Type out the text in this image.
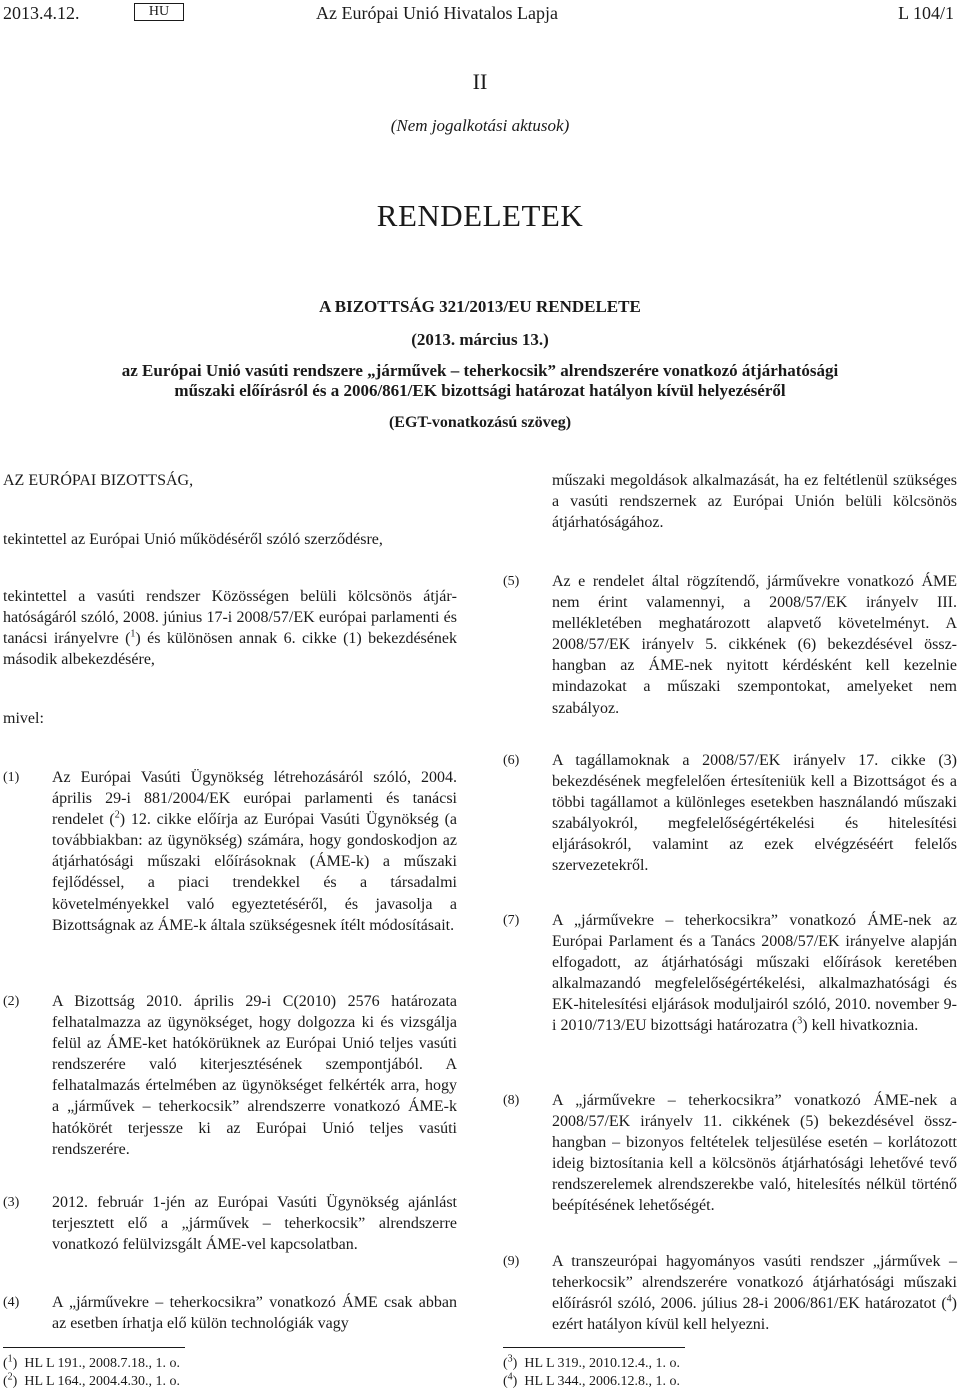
2013.4.12.	HU	Az Európai Unió Hivatalos Lapja	L 104/1
II
(Nem jogalkotási aktusok)
RENDELETEK
A BIZOTTSÁG 321/2013/EU RENDELETE
(2013. március 13.)
az Európai Unió vasúti rendszere „járművek – teherkocsik” alrendszerére vonatkozó átjárhatósági
műszaki előírásról és a 2006/861/EK bizottsági határozat hatályon kívül helyezéséről
(EGT-vonatkozású szöveg)
AZ EURÓPAI BIZOTTSÁG,
tekintettel az Európai Unió működéséről szóló szerződésre,
tekintettel a vasúti rendszer Közösségen belüli kölcsönös átjárhatóságáról szóló, 2008. június 17-i 2008/57/EK európai parlamenti és tanácsi irányelvre ($^1$) és különösen annak 6. cikke (1) bekezdésének második albekezdésére,
mivel:
(1) Az Európai Vasúti Ügynökség létrehozásáról szóló, 2004. április 29-i 881/2004/EK európai parlamenti és tanácsi rendelet ($^2$) 12. cikke előírja az Európai Vasúti Ügynökség (a továbbiakban: az ügynökség) számára, hogy gondoskodjon az átjárhatósági műszaki előírásoknak (ÁME-k) a műszaki fejlődéssel, a piaci trendekkel és a társadalmi követelményekkel való egyeztetéséről, és javasolja a Bizottságnak az ÁME-k általa szükségesnek ítélt módosításait.
(2) A Bizottság 2010. április 29-i C(2010) 2576 határozata felhatalmazza az ügynökséget, hogy dolgozza ki és vizsgálja felül az ÁME-ket hatókörüknek az Európai Unió teljes vasúti rendszerére való kiterjesztésének szempontjából. A felhatalmazás értelmében az ügynökséget felkérték arra, hogy a „járművek – teherkocsik” alrendszerre vonatkozó ÁME-k hatókörét terjessze ki az Európai Unió teljes vasúti rendszerére.
(3) 2012. február 1-jén az Európai Vasúti Ügynökség ajánlást terjesztett elő a „járművek – teherkocsik” alrendszerre vonatkozó felülvizsgált ÁME-vel kapcsolatban.
(4) A „járművekre – teherkocsikra” vonatkozó ÁME csak abban az esetben írhatja elő külön technológiák vagy
műszaki megoldások alkalmazását, ha ez feltétlenül szükséges a vasúti rendszernek az Európai Unión belüli kölcsönös átjárhatóságához.
(5) Az e rendelet által rögzítendő, járművekre vonatkozó ÁME nem érint valamennyi, a 2008/57/EK irányelv III. mellékletében meghatározott alapvető követelményt. A 2008/57/EK irányelv 5. cikkének (6) bekezdésével összhangban az ÁME-nek nyitott kérdésként kell kezelnie mindazokat a műszaki szempontokat, amelyeket nem szabályoz.
(6) A tagállamoknak a 2008/57/EK irányelv 17. cikke (3) bekezdésének megfelelően értesíteniük kell a Bizottságot és a többi tagállamot a különleges esetekben használandó műszaki szabályokról, megfelelőségértékelési és hitelesítési eljárásokról, valamint az ezek elvégzéséért felelős szervezetekről.
(7) A „járművekre – teherkocsikra” vonatkozó ÁME-nek az Európai Parlament és a Tanács 2008/57/EK irányelve alapján elfogadott, az átjárhatósági műszaki előírások keretében alkalmazandó megfelelőségértékelési, alkalmazhatósági és EK-hitelesítési eljárások moduljairól szóló, 2010. november 9-i 2010/713/EU bizottsági határozatra ($^3$) kell hivatkoznia.
(8) A „járművekre – teherkocsikra” vonatkozó ÁME-nek a 2008/57/EK irányelv 11. cikkének (5) bekezdésével összhangban – bizonyos feltételek teljesülése esetén – korlátozott ideig biztosítania kell a kölcsönös átjárhatósági lehetővé tevő rendszerelemek alrendszerekbe való, hitelesítés nélkül történő beépítésének lehetőségét.
(9) A transzeurópai hagyományos vasúti rendszer „járművek – teherkocsik” alrendszerére vonatkozó átjárhatósági műszaki előírásról szóló, 2006. július 28-i 2006/861/EK határozatot ($^4$) ezért hatályon kívül kell helyezni.
($^1$)  HL L 191., 2008.7.18., 1. o.
($^2$)  HL L 164., 2004.4.30., 1. o.
($^3$)  HL L 319., 2010.12.4., 1. o.
($^4$)  HL L 344., 2006.12.8., 1. o.
